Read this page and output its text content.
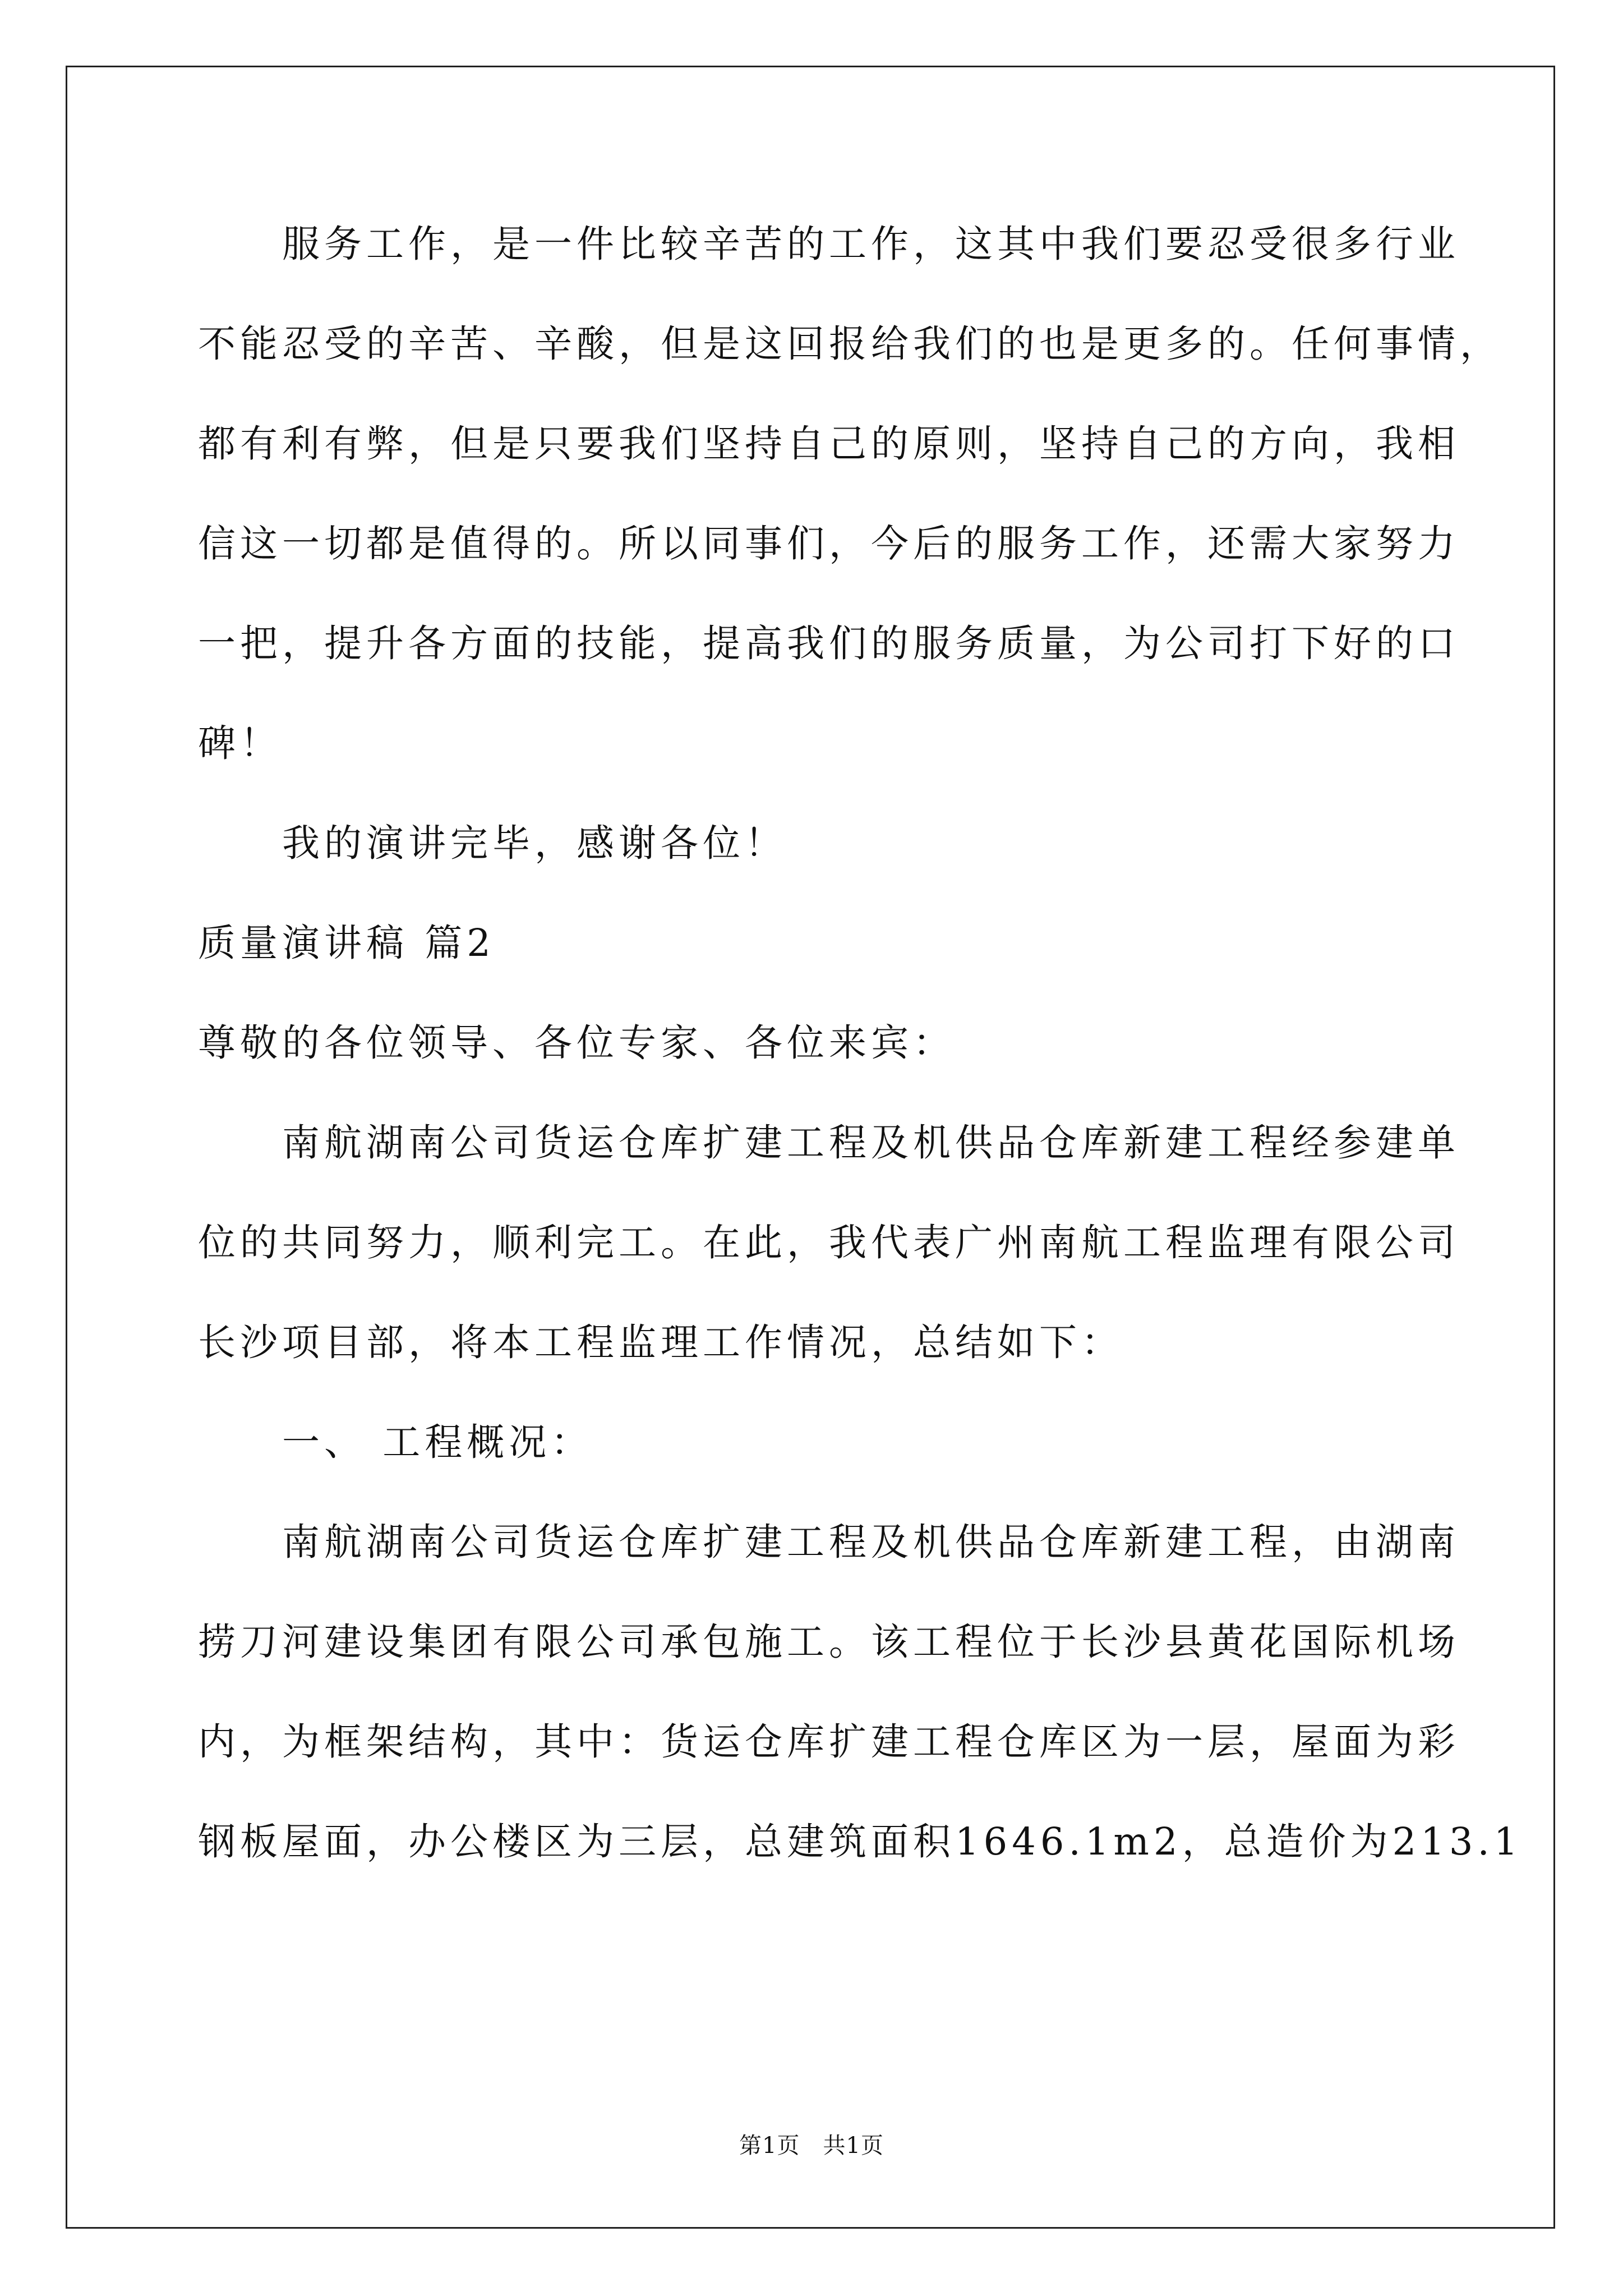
服务工作，是一件比较辛苦的工作，这其中我们要忍受很多行业
不能忍受的辛苦、辛酸，但是这回报给我们的也是更多的。任何事情，
都有利有弊，但是只要我们坚持自己的原则，坚持自己的方向，我相
信这一切都是值得的。所以同事们，今后的服务工作，还需大家努力
一把，提升各方面的技能，提高我们的服务质量，为公司打下好的口
碑！
我的演讲完毕，感谢各位！
质量演讲稿 篇2
尊敬的各位领导、各位专家、各位来宾：
南航湖南公司货运仓库扩建工程及机供品仓库新建工程经参建单
位的共同努力，顺利完工。在此，我代表广州南航工程监理有限公司
长沙项目部，将本工程监理工作情况，总结如下：
一、 工程概况：
南航湖南公司货运仓库扩建工程及机供品仓库新建工程，由湖南
捞刀河建设集团有限公司承包施工。该工程位于长沙县黄花国际机场
内，为框架结构，其中：货运仓库扩建工程仓库区为一层，屋面为彩
钢板屋面，办公楼区为三层，总建筑面积1646.1m2，总造价为213.1
第1页　共1页
